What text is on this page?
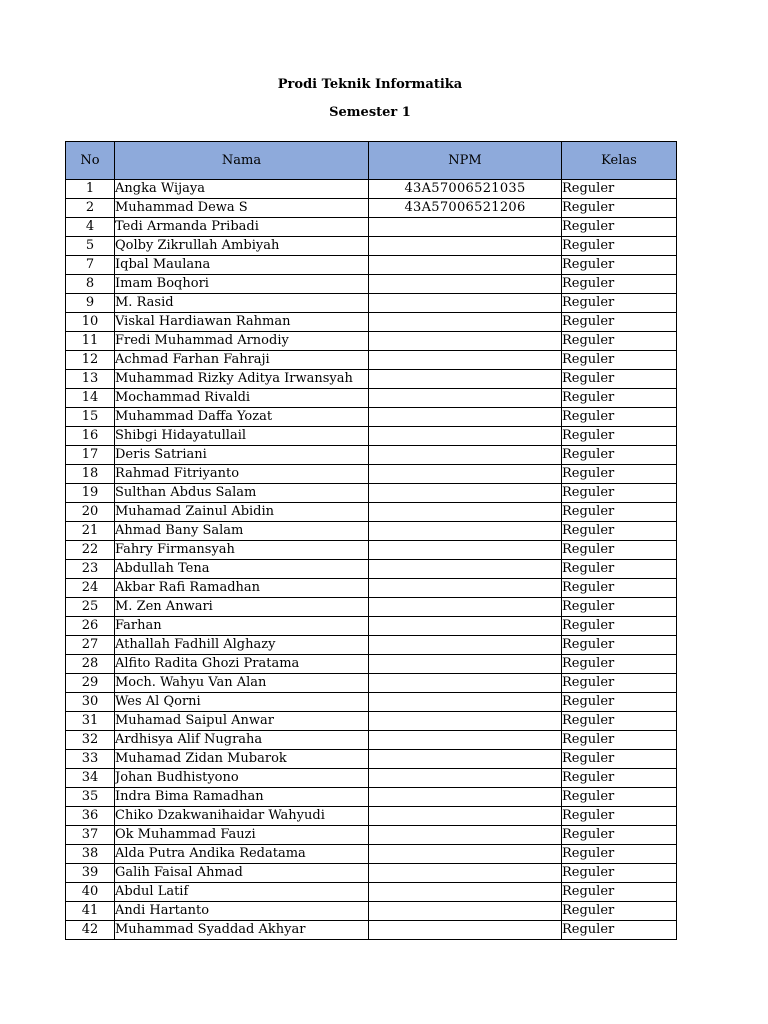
Prodi Teknik Informatika
Semester 1
No	Nama	NPM	Kelas
1	Angka Wijaya	43A57006521035	Reguler
2	Muhammad Dewa S	43A57006521206	Reguler
4	Tedi Armanda Pribadi		Reguler
5	Qolby Zikrullah Ambiyah		Reguler
7	Iqbal Maulana		Reguler
8	Imam Boqhori		Reguler
9	M. Rasid		Reguler
10	Viskal Hardiawan Rahman		Reguler
11	Fredi Muhammad Arnodiy		Reguler
12	Achmad Farhan Fahraji		Reguler
13	Muhammad Rizky Aditya Irwansyah		Reguler
14	Mochammad Rivaldi		Reguler
15	Muhammad Daffa Yozat		Reguler
16	Shibgi Hidayatullail		Reguler
17	Deris Satriani		Reguler
18	Rahmad Fitriyanto		Reguler
19	Sulthan Abdus Salam		Reguler
20	Muhamad Zainul Abidin		Reguler
21	Ahmad Bany Salam		Reguler
22	Fahry Firmansyah		Reguler
23	Abdullah Tena		Reguler
24	Akbar Rafi Ramadhan		Reguler
25	M. Zen Anwari		Reguler
26	Farhan		Reguler
27	Athallah Fadhill Alghazy		Reguler
28	Alfito Radita Ghozi Pratama		Reguler
29	Moch. Wahyu Van Alan		Reguler
30	Wes Al Qorni		Reguler
31	Muhamad Saipul Anwar		Reguler
32	Ardhisya Alif Nugraha		Reguler
33	Muhamad Zidan Mubarok		Reguler
34	Johan Budhistyono		Reguler
35	Indra Bima Ramadhan		Reguler
36	Chiko Dzakwanihaidar Wahyudi		Reguler
37	Ok Muhammad Fauzi		Reguler
38	Alda Putra Andika Redatama		Reguler
39	Galih Faisal Ahmad		Reguler
40	Abdul Latif		Reguler
41	Andi Hartanto		Reguler
42	Muhammad Syaddad Akhyar		Reguler
